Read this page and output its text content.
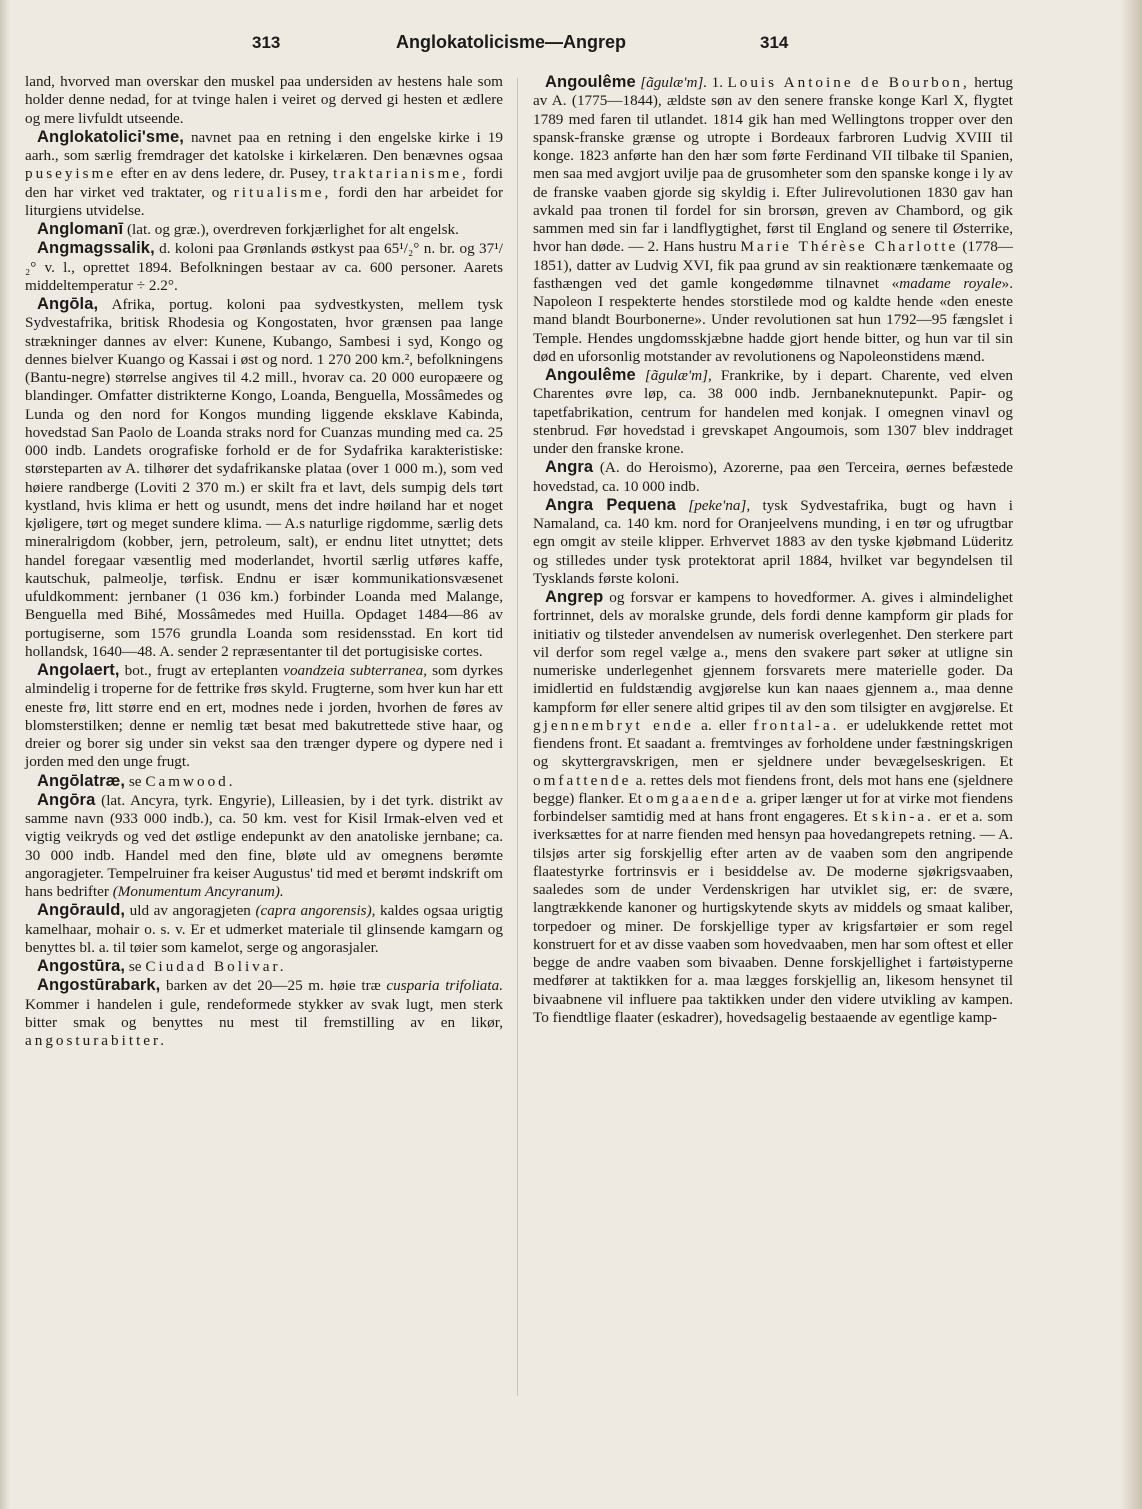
313	Anglokatolicisme—Angrep	314

land, hvorved man overskar den muskel paa undersiden av hestens hale som holder denne nedad, for at tvinge halen i veiret og derved gi hesten et ædlere og mere livfuldt utseende.

Anglokatolici'sme, navnet paa en retning i den engelske kirke i 19 aarh., som særlig fremdrager det katolske i kirkelæren. Den benævnes ogsaa puseyisme efter en av dens ledere, dr. Pusey, traktarianisme, fordi den har virket ved traktater, og ritualisme, fordi den har arbeidet for liturgiens utvidelse.

Anglomanī (lat. og græ.), overdreven forkjærlighet for alt engelsk.

Angmagssalik, d. koloni paa Grønlands østkyst paa 65¹/₂° n. br. og 37¹/₂° v. l., oprettet 1894. Befolkningen bestaar av ca. 600 personer. Aarets middeltemperatur ÷ 2.2°.

Angōla, Afrika, portug. koloni paa sydvestkysten, mellem tysk Sydvestafrika, britisk Rhodesia og Kongostaten, hvor grænsen paa lange strækninger dannes av elver: Kunene, Kubango, Sambesi i syd, Kongo og dennes bielver Kuango og Kassai i øst og nord. 1 270 200 km.², befolkningens (Bantu-negre) størrelse angives til 4.2 mill., hvorav ca. 20 000 europæere og blandinger. Omfatter distrikterne Kongo, Loanda, Benguella, Mossâmedes og Lunda og den nord for Kongos munding liggende eksklave Kabinda, hovedstad San Paolo de Loanda straks nord for Cuanzas munding med ca. 25 000 indb. Landets orografiske forhold er de for Sydafrika karakteristiske: størsteparten av A. tilhører det sydafrikanske plataa (over 1 000 m.), som ved høiere randberge (Loviti 2 370 m.) er skilt fra et lavt, dels sumpig dels tørt kystland, hvis klima er hett og usundt, mens det indre høiland har et noget kjøligere, tørt og meget sundere klima. — A.s naturlige rigdomme, særlig dets mineralrigdom (kobber, jern, petroleum, salt), er endnu litet utnyttet; dets handel foregaar væsentlig med moderlandet, hvortil særlig utføres kaffe, kautschuk, palmeolje, tørfisk. Endnu er især kommunikationsvæsenet ufuldkomment: jernbaner (1 036 km.) forbinder Loanda med Malange, Benguella med Bihé, Mossâmedes med Huilla. Opdaget 1484—86 av portugiserne, som 1576 grundla Loanda som residensstad. En kort tid hollandsk, 1640—48. A. sender 2 repræsentanter til det portugisiske cortes.

Angolaert, bot., frugt av erteplanten voandzeia subterranea, som dyrkes almindelig i troperne for de fettrike frøs skyld. Frugterne, som hver kun har ett eneste frø, litt større end en ert, modnes nede i jorden, hvorhen de føres av blomsterstilken; denne er nemlig tæt besat med bakutrettede stive haar, og dreier og borer sig under sin vekst saa den trænger dypere og dypere ned i jorden med den unge frugt.

Angōlatræ, se Camwood.

Angōra (lat. Ancyra, tyrk. Engyrie), Lilleasien, by i det tyrk. distrikt av samme navn (933 000 indb.), ca. 50 km. vest for Kisil Irmak-elven ved et vigtig veikryds og ved det østlige endepunkt av den anatoliske jernbane; ca. 30 000 indb. Handel med den fine, bløte uld av omegnens berømte angoragjeter. Tempelruiner fra keiser Augustus' tid med et berømt indskrift om hans bedrifter (Monumentum Ancyranum).

Angōrauld, uld av angoragjeten (capra angorensis), kaldes ogsaa urigtig kamelhaar, mohair o. s. v. Er et udmerket materiale til glinsende kamgarn og benyttes bl. a. til tøier som kamelot, serge og angorasjaler.

Angostūra, se Ciudad Bolivar.

Angostūrabark, barken av det 20—25 m. høie træ cusparia trifoliata. Kommer i handelen i gule, rendeformede stykker av svak lugt, men sterk bitter smak og benyttes nu mest til fremstilling av en likør, angosturabitter.

Angoulême [ãgulæ'm]. 1. Louis Antoine de Bourbon, hertug av A. (1775—1844), ældste søn av den senere franske konge Karl X, flygtet 1789 med faren til utlandet. 1814 gik han med Wellingtons tropper over den spansk-franske grænse og utropte i Bordeaux farbroren Ludvig XVIII til konge. 1823 anførte han den hær som førte Ferdinand VII tilbake til Spanien, men saa med avgjort uvilje paa de grusomheter som den spanske konge i ly av de franske vaaben gjorde sig skyldig i. Efter Julirevolutionen 1830 gav han avkald paa tronen til fordel for sin brorsøn, greven av Chambord, og gik sammen med sin far i landflygtighet, først til England og senere til Østerrike, hvor han døde. — 2. Hans hustru Marie Thérèse Charlotte (1778—1851), datter av Ludvig XVI, fik paa grund av sin reaktionære tænkemaate og fasthængen ved det gamle kongedømme tilnavnet «madame royale». Napoleon I respekterte hendes storstilede mod og kaldte hende «den eneste mand blandt Bourbonerne». Under revolutionen sat hun 1792—95 fængslet i Temple. Hendes ungdomsskjæbne hadde gjort hende bitter, og hun var til sin død en uforsonlig motstander av revolutionens og Napoleonstidens mænd.

Angoulême [ãgulæ'm], Frankrike, by i depart. Charente, ved elven Charentes øvre løp, ca. 38 000 indb. Jernbaneknutepunkt. Papir- og tapetfabrikation, centrum for handelen med konjak. I omegnen vinavl og stenbrud. Før hovedstad i grevskapet Angoumois, som 1307 blev inddraget under den franske krone.

Angra (A. do Heroismo), Azorerne, paa øen Terceira, øernes befæstede hovedstad, ca. 10 000 indb.

Angra Pequena [peke'na], tysk Sydvestafrika, bugt og havn i Namaland, ca. 140 km. nord for Oranjeelvens munding, i en tør og ufrugtbar egn omgit av steile klipper. Erhvervet 1883 av den tyske kjøbmand Lüderitz og stilledes under tysk protektorat april 1884, hvilket var begyndelsen til Tysklands første koloni.

Angrep og forsvar er kampens to hovedformer. A. gives i almindelighet fortrinnet, dels av moralske grunde, dels fordi denne kampform gir plads for initiativ og tilsteder anvendelsen av numerisk overlegenhet. Den sterkere part vil derfor som regel vælge a., mens den svakere part søker at utligne sin numeriske underlegenhet gjennem forsvarets mere materielle goder. Da imidlertid en fuldstændig avgjørelse kun kan naaes gjennem a., maa denne kampform før eller senere altid gripes til av den som tilsigter en avgjørelse. Et gjennembryt ende a. eller frontal-a. er udelukkende rettet mot fiendens front. Et saadant a. fremtvinges av forholdene under fæstningskrigen og skyttergravskrigen, men er sjeldnere under bevægelseskrigen. Et omfattende a. rettes dels mot fiendens front, dels mot hans ene (sjeldnere begge) flanker. Et omgaaende a. griper længer ut for at virke mot fiendens forbindelser samtidig med at hans front engageres. Et skin-a. er et a. som iverksættes for at narre fienden med hensyn paa hovedangrepets retning. — A. tilsjøs arter sig forskjellig efter arten av de vaaben som den angripende flaatestyrke fortrinsvis er i besiddelse av. De moderne sjøkrigsvaaben, saaledes som de under Verdenskrigen har utviklet sig, er: de svære, langtrækkende kanoner og hurtigskytende skyts av middels og smaat kaliber, torpedoer og miner. De forskjellige typer av krigsfartøier er som regel konstruert for et av disse vaaben som hovedvaaben, men har som oftest et eller begge de andre vaaben som bivaaben. Denne forskjellighet i fartøistyperne medfører at taktikken for a. maa lægges forskjellig an, likesom hensynet til bivaabnene vil influere paa taktikken under den videre utvikling av kampen. To fiendtlige flaater (eskadrer), hovedsagelig bestaaende av egentlige kamp-
